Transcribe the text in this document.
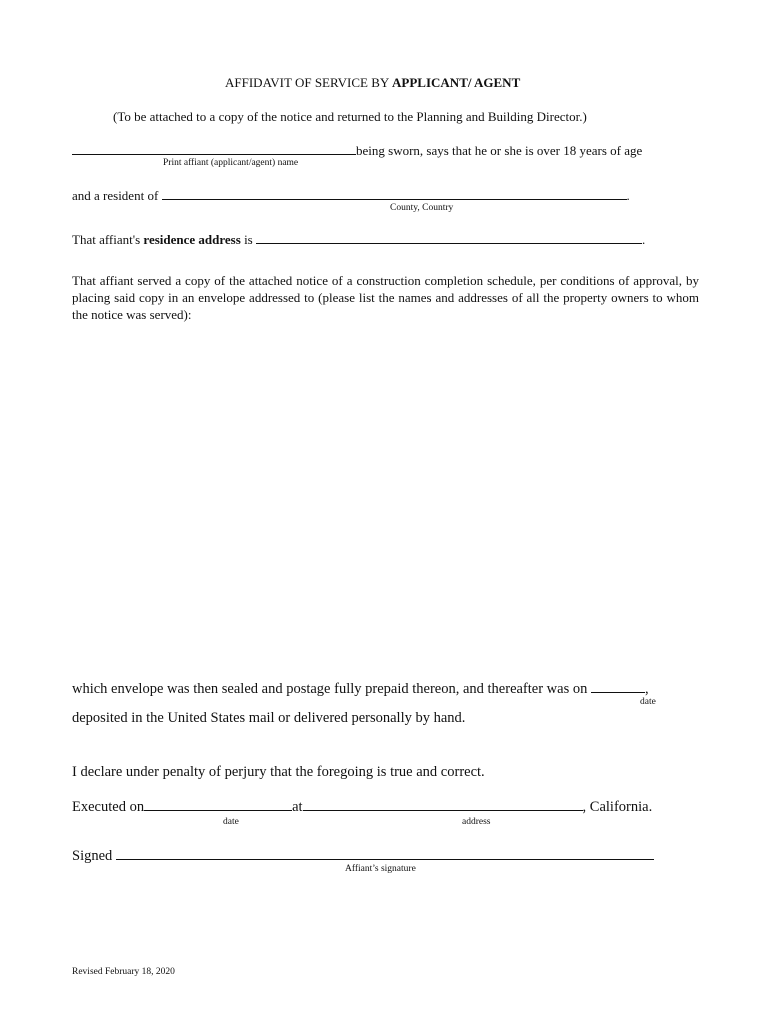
AFFIDAVIT OF SERVICE BY APPLICANT/ AGENT
(To be attached to a copy of the notice and returned to the Planning and Building Director.)
being sworn, says that he or she is over 18 years of age
Print affiant (applicant/agent) name
and a resident of	.
County, Country
That affiant's residence address is	.
That affiant served a copy of the attached notice of a construction completion schedule, per conditions of approval, by placing said copy in an envelope addressed to (please list the names and addresses of all the property owners to whom the notice was served):
which envelope was then sealed and postage fully prepaid thereon, and thereafter was on	,
date
deposited in the United States mail or delivered personally by hand.
I declare under penalty of perjury that the foregoing is true and correct.
Executed on	at	, California.
date	address
Signed
Affiant’s signature
Revised February 18, 2020
